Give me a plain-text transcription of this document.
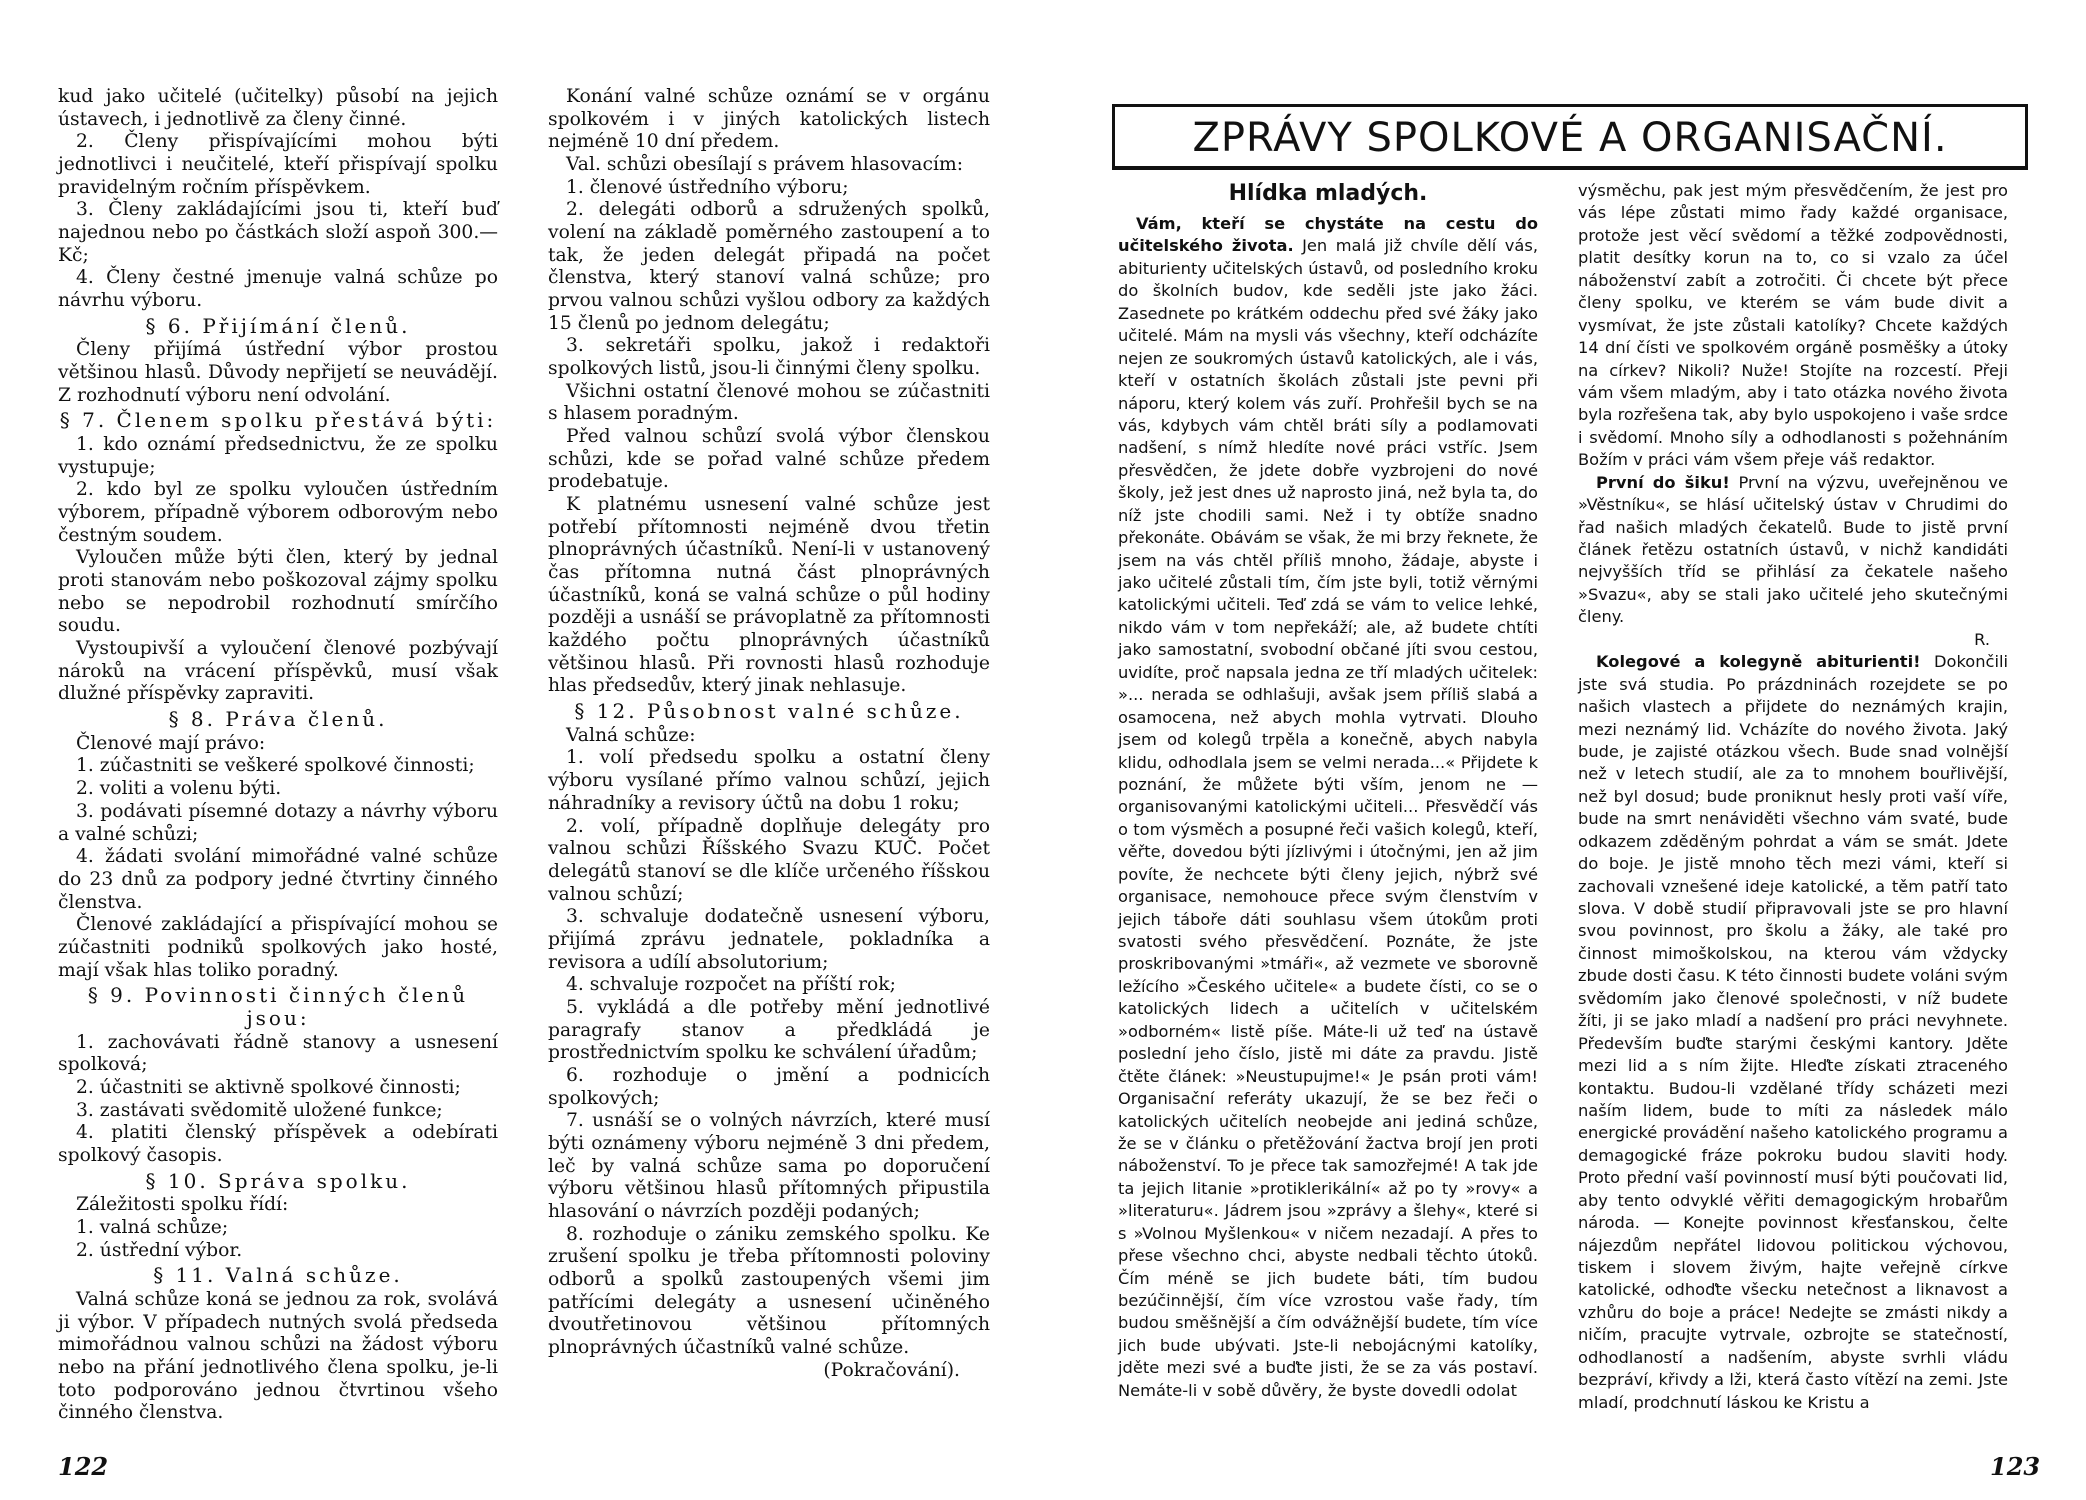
kud jako učitelé (učitelky) působí na jejich ústavech, i jednotlivě za členy činné.

2. Členy přispívajícími mohou býti jednotlivci i neučitelé, kteří přispívají spolku pravidelným ročním příspěvkem.

3. Členy zakládajícími jsou ti, kteří buď najednou nebo po částkách složí aspoň 300.— Kč;

4. Členy čestné jmenuje valná schůze po návrhu výboru.

§ 6. Přijímání členů.

Členy přijímá ústřední výbor prostou většinou hlasů. Důvody nepřijetí se neuvádějí. Z rozhodnutí výboru není odvolání.

§ 7. Členem spolku přestává býti:

1. kdo oznámí předsednictvu, že ze spolku vystupuje;

2. kdo byl ze spolku vyloučen ústředním výborem, případně výborem odborovým nebo čestným soudem.

Vyloučen může býti člen, který by jednal proti stanovám nebo poškozoval zájmy spolku nebo se nepodrobil rozhodnutí smírčího soudu.

Vystoupivší a vyloučení členové pozbývají nároků na vrácení příspěvků, musí však dlužné příspěvky zapraviti.

§ 8. Práva členů.

Členové mají právo:

1. zúčastniti se veškeré spolkové činnosti;

2. voliti a volenu býti.

3. podávati písemné dotazy a návrhy výboru a valné schůzi;

4. žádati svolání mimořádné valné schůze do 23 dnů za podpory jedné čtvrtiny činného členstva.

Členové zakládající a přispívající mohou se zúčastniti podniků spolkových jako hosté, mají však hlas toliko poradný.

§ 9. Povinnosti činných členů jsou:

1. zachovávati řádně stanovy a usnesení spolková;

2. účastniti se aktivně spolkové činnosti;

3. zastávati svědomitě uložené funkce;

4. platiti členský příspěvek a odebírati spolkový časopis.

§ 10. Správa spolku.

Záležitosti spolku řídí:

1. valná schůze;

2. ústřední výbor.

§ 11. Valná schůze.

Valná schůze koná se jednou za rok, svolává ji výbor. V případech nutných svolá předseda mimořádnou valnou schůzi na žádost výboru nebo na přání jednotlivého člena spolku, je-li toto podporováno jednou čtvrtinou všeho činného členstva.

Konání valné schůze oznámí se v orgánu spolkovém i v jiných katolických listech nejméně 10 dní předem.

Val. schůzi obesílají s právem hlasovacím:

1. členové ústředního výboru;

2. delegáti odborů a sdružených spolků, volení na základě poměrného zastoupení a to tak, že jeden delegát připadá na počet členstva, který stanoví valná schůze; pro prvou valnou schůzi vyšlou odbory za každých 15 členů po jednom delegátu;

3. sekretáři spolku, jakož i redaktoři spolkových listů, jsou-li činnými členy spolku.

Všichni ostatní členové mohou se zúčastniti s hlasem poradným.

Před valnou schůzí svolá výbor členskou schůzi, kde se pořad valné schůze předem prodebatuje.

K platnému usnesení valné schůze jest potřebí přítomnosti nejméně dvou třetin plnoprávných účastníků. Není-li v ustanovený čas přítomna nutná část plnoprávných účastníků, koná se valná schůze o půl hodiny později a usnáší se právoplatně za přítomnosti každého počtu plnoprávných účastníků většinou hlasů. Při rovnosti hlasů rozhoduje hlas předsedův, který jinak nehlasuje.

§ 12. Působnost valné schůze.

Valná schůze:

1. volí předsedu spolku a ostatní členy výboru vysílané přímo valnou schůzí, jejich náhradníky a revisory účtů na dobu 1 roku;

2. volí, případně doplňuje delegáty pro valnou schůzi Říšského Svazu KUČ. Počet delegátů stanoví se dle klíče určeného říšskou valnou schůzí;

3. schvaluje dodatečně usnesení výboru, přijímá zprávu jednatele, pokladníka a revisora a udílí absolutorium;

4. schvaluje rozpočet na příští rok;

5. vykládá a dle potřeby mění jednotlivé paragrafy stanov a předkládá je prostřednictvím spolku ke schválení úřadům;

6. rozhoduje o jmění a podnicích spolkových;

7. usnáší se o volných návrzích, které musí býti oznámeny výboru nejméně 3 dni předem, leč by valná schůze sama po doporučení výboru většinou hlasů přítomných připustila hlasování o návrzích později podaných;

8. rozhoduje o zániku zemského spolku. Ke zrušení spolku je třeba přítomnosti poloviny odborů a spolků zastoupených všemi jim patřícími delegáty a usnesení učiněného dvoutřetinovou většinou přítomných plnoprávných účastníků valné schůze.

(Pokračování).

ZPRÁVY SPOLKOVÉ A ORGANISAČNÍ.
Hlídka mladých.

Vám, kteří se chystáte na cestu do učitelského života. Jen malá již chvíle dělí vás, abiturienty učitelských ústavů, od posledního kroku do školních budov, kde seděli jste jako žáci. Zasednete po krátkém oddechu před své žáky jako učitelé. Mám na mysli vás všechny, kteří odcházíte nejen ze soukromých ústavů katolických, ale i vás, kteří v ostatních školách zůstali jste pevni při náporu, který kolem vás zuří. Prohřešil bych se na vás, kdybych vám chtěl bráti síly a podlamovati nadšení, s nímž hledíte nové práci vstříc. Jsem přesvědčen, že jdete dobře vyzbrojeni do nové školy, jež jest dnes už naprosto jiná, než byla ta, do níž jste chodili sami. Než i ty obtíže snadno překonáte. Obávám se však, že mi brzy řeknete, že jsem na vás chtěl příliš mnoho, žádaje, abyste i jako učitelé zůstali tím, čím jste byli, totiž věrnými katolickými učiteli. Teď zdá se vám to velice lehké, nikdo vám v tom nepřekáží; ale, až budete chtíti jako samostatní, svobodní občané jíti svou cestou, uvidíte, proč napsala jedna ze tří mladých učitelek: »... nerada se odhlašuji, avšak jsem příliš slabá a osamocena, než abych mohla vytrvati. Dlouho jsem od kolegů trpěla a konečně, abych nabyla klidu, odhodlala jsem se velmi nerada...« Přijdete k poznání, že můžete býti vším, jenom ne — organisovanými katolickými učiteli... Přesvědčí vás o tom výsměch a posupné řeči vašich kolegů, kteří, věřte, dovedou býti jízlivými i útočnými, jen až jim povíte, že nechcete býti členy jejich, nýbrž své organisace, nemohouce přece svým členstvím v jejich táboře dáti souhlasu všem útokům proti svatosti svého přesvědčení. Poznáte, že jste proskribovanými »tmáři«, až vezmete ve sborovně ležícího »Českého učitele« a budete čísti, co se o katolických lidech a učitelích v učitelském »odborném« listě píše. Máte-li už teď na ústavě poslední jeho číslo, jistě mi dáte za pravdu. Jistě čtěte článek: »Neustupujme!« Je psán proti vám! Organisační referáty ukazují, že se bez řeči o katolických učitelích neobejde ani jediná schůze, že se v článku o přetěžování žactva brojí jen proti náboženství. To je přece tak samozřejmé! A tak jde ta jejich litanie »protiklerikální« až po ty »rovy« a »literaturu«. Jádrem jsou »zprávy a šlehy«, které si s »Volnou Myšlenkou« v ničem nezadají. A přes to přese všechno chci, abyste nedbali těchto útoků. Čím méně se jich budete báti, tím budou bezúčinnější, čím více vzrostou vaše řady, tím budou směšnější a čím odvážnější budete, tím více jich bude ubývati. Jste-li nebojácnými katolíky, jděte mezi své a buďte jisti, že se za vás postaví. Nemáte-li v sobě důvěry, že byste dovedli odolat

výsměchu, pak jest mým přesvědčením, že jest pro vás lépe zůstati mimo řady každé organisace, protože jest věcí svědomí a těžké zodpovědnosti, platit desítky korun na to, co si vzalo za účel náboženství zabít a zotročiti. Či chcete být přece členy spolku, ve kterém se vám bude divit a vysmívat, že jste zůstali katolíky? Chcete každých 14 dní čísti ve spolkovém orgáně posměšky a útoky na církev? Nikoli? Nuže! Stojíte na rozcestí. Přeji vám všem mladým, aby i tato otázka nového života byla rozřešena tak, aby bylo uspokojeno i vaše srdce i svědomí. Mnoho síly a odhodlanosti s požehnáním Božím v práci vám všem přeje váš redaktor.

První do šiku! První na výzvu, uveřejněnou ve »Věstníku«, se hlásí učitelský ústav v Chrudimi do řad našich mladých čekatelů. Bude to jistě první článek řetězu ostatních ústavů, v nichž kandidáti nejvyšších tříd se přihlásí za čekatele našeho »Svazu«, aby se stali jako učitelé jeho skutečnými členy.

R.

Kolegové a kolegyně abiturienti! Dokončili jste svá studia. Po prázdninách rozejdete se po našich vlastech a přijdete do neznámých krajin, mezi neznámý lid. Vcházíte do nového života. Jaký bude, je zajisté otázkou všech. Bude snad volnější než v letech studií, ale za to mnohem bouřlivější, než byl dosud; bude proniknut hesly proti vaší víře, bude na smrt nenáviděti všechno vám svaté, bude odkazem zděděným pohrdat a vám se smát. Jdete do boje. Je jistě mnoho těch mezi vámi, kteří si zachovali vznešené ideje katolické, a těm patří tato slova. V době studií připravovali jste se pro hlavní svou povinnost, pro školu a žáky, ale také pro činnost mimoškolskou, na kterou vám vždycky zbude dosti času. K této činnosti budete voláni svým svědomím jako členové společnosti, v níž budete žíti, ji se jako mladí a nadšení pro práci nevyhnete. Především buďte starými českými kantory. Jděte mezi lid a s ním žijte. Hleďte získati ztraceného kontaktu. Budou-li vzdělané třídy scházeti mezi naším lidem, bude to míti za následek málo energické provádění našeho katolického programu a demagogické fráze pokroku budou slaviti hody. Proto přední vaší povinností musí býti poučovati lid, aby tento odvyklé věřiti demagogickým hrobařům národa. — Konejte povinnost křesťanskou, čelte nájezdům nepřátel lidovou politickou výchovou, tiskem i slovem živým, hajte veřejně církve katolické, odhoďte všecku netečnost a liknavost a vzhůru do boje a práce! Nedejte se zmásti nikdy a ničím, pracujte vytrvale, ozbrojte se statečností, odhodlaností a nadšením, abyste svrhli vládu bezpráví, křivdy a lži, která často vítězí na zemi. Jste mladí, prodchnutí láskou ke Kristu a

122	123
